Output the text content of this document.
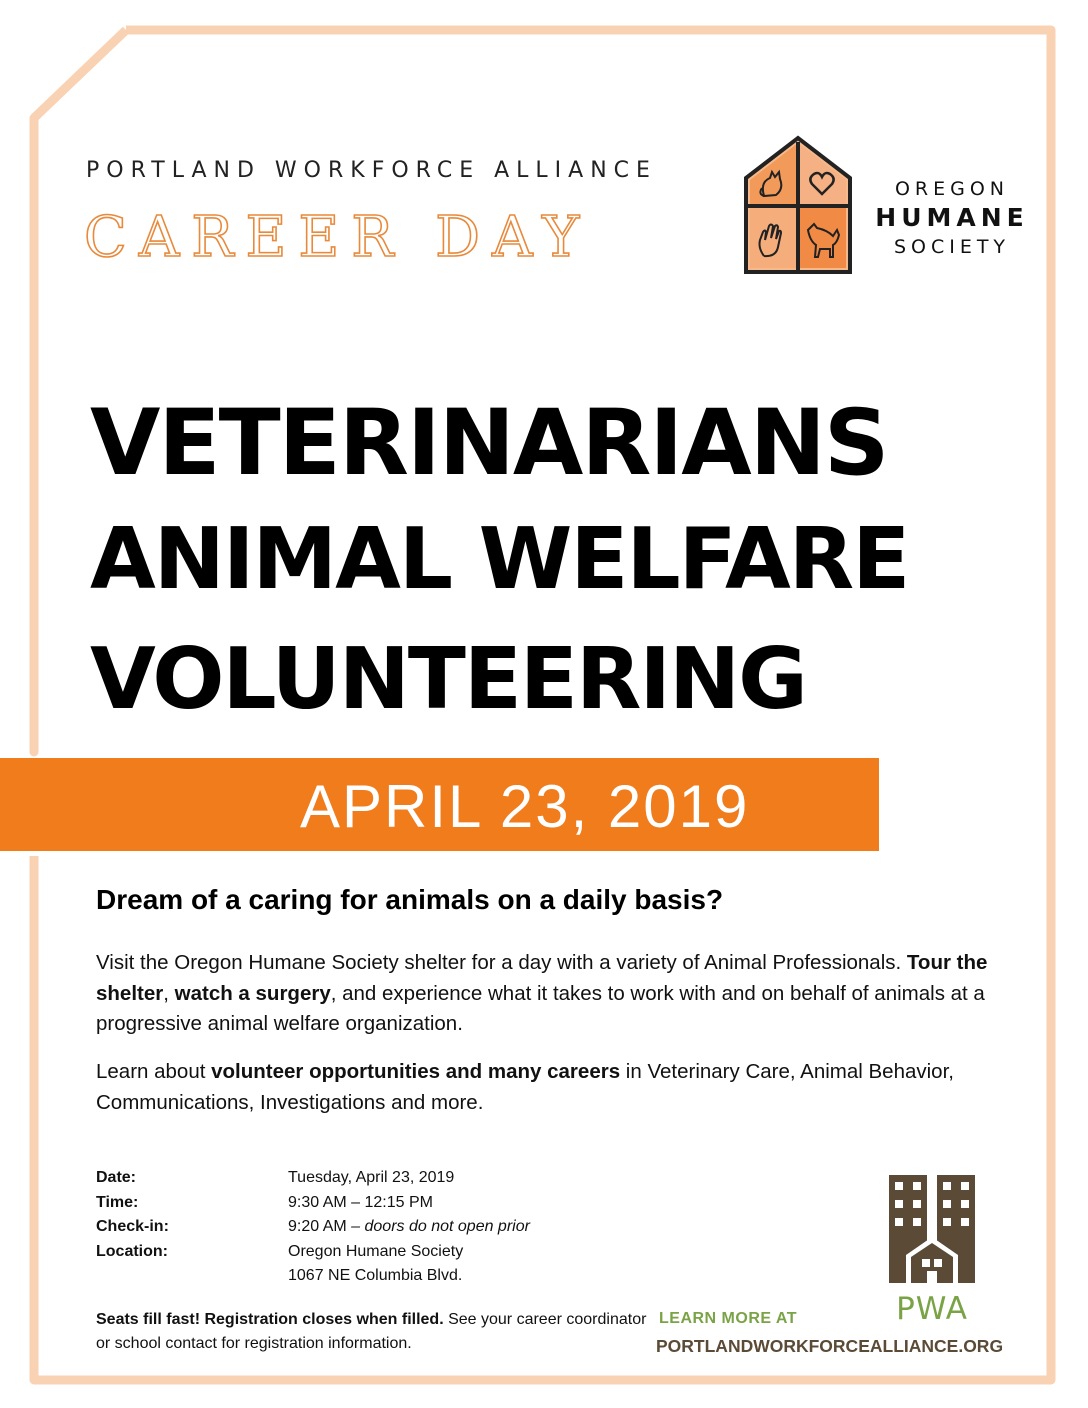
PORTLAND WORKFORCE ALLIANCE
CAREER DAY
OREGON
HUMANE
SOCIETY
VETERINARIANS
ANIMAL WELFARE
VOLUNTEERING
APRIL 23, 2019
Dream of a caring for animals on a daily basis?
Visit the Oregon Humane Society shelter for a day with a variety of Animal Professionals. Tour the shelter, watch a surgery, and experience what it takes to work with and on behalf of animals at a progressive animal welfare organization.
Learn about volunteer opportunities and many careers in Veterinary Care, Animal Behavior, Communications, Investigations and more.
Date:	Tuesday, April 23, 2019
Time:	9:30 AM – 12:15 PM
Check-in:	9:20 AM – doors do not open prior
Location:	Oregon Humane Society
1067 NE Columbia Blvd.
Seats fill fast! Registration closes when filled. See your career coordinator or school contact for registration information.
LEARN MORE AT
PORTLANDWORKFORCEALLIANCE.ORG
PWA
